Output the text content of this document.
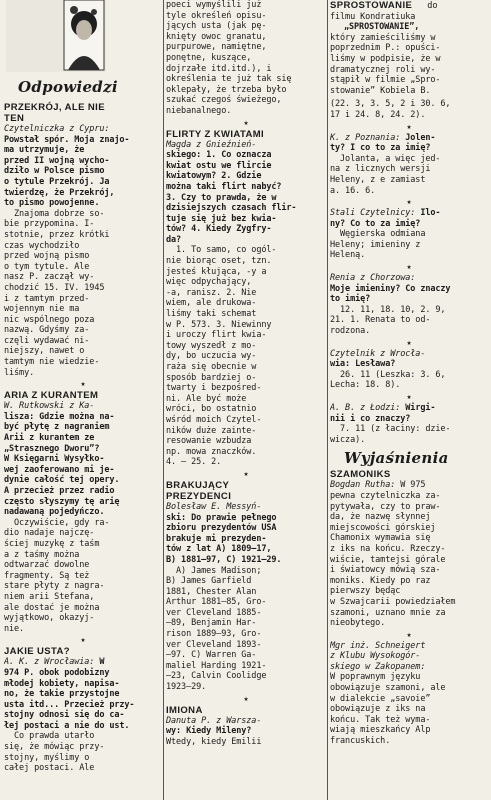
Odpowiedzi
PRZEKRÓJ, ALE NIE
TEN
Czytelniczka z Cypru:
Powstał spór. Moja znajo-
ma utrzymuje, że
przed II wojną wycho-
dziło w Polsce pismo
o tytule Przekrój. Ja
twierdzę, że Przekrój,
to pismo powojenne.
Znajoma dobrze so-
bie przypomina. I-
stotnie, przez krótki
czas wychodziło
przed wojną pismo
o tym tytule. Ale
nasz P. zaczął wy-
chodzić 15. IV. 1945
i z tamtym przed-
wojennym nie ma
nic wspólnego poza
nazwą. Gdyśmy za-
częli wydawać ni-
niejszy, nawet o
tamtym nie wiedzie-
liśmy.
★
ARIA Z KURANTEM
W. Rutkowski z Ka-
lisza: Gdzie można na-
być płytę z nagraniem
Arii z kurantem ze
„Strasznego Dworu”?
W Księgarni Wysyłko-
wej zaoferowano mi je-
dynie całość tej opery.
A przecież przez radio
często słyszymy tę arię
nadawaną pojedyńczo.
Oczywiście, gdy ra-
dio nadaje najczę-
ściej muzykę z taśm
a z taśmy można
odtwarzać dowolne
fragmenty. Są też
stare płyty z nagra-
niem arii Stefana,
ale dostać je można
wyjątkowo, okazyj-
nie.
★
JAKIE USTA?
A. K. z Wrocławia: W
974 P. obok podobizny
młodej kobiety, napisa-
no, że takie przystojne
usta itd... Przecież przy-
stojny odnosi się do ca-
łej postaci a nie do ust.
Co prawda utarło
się, że mówiąc przy-
stojny, myślimy o
całej postaci. Ale
poeci wymyślili już
tyle określeń opisu-
jących usta (jak pę-
knięty owoc granatu,
purpurowe, namiętne,
ponętne, kuszące,
dojrzałe itd.itd.), i
określenia te już tak się
oklepały, że trzeba było
szukać czegoś świeżego,
niebanalnego.
★
FLIRTY Z KWIATAMI
Magda z Gnieźnień-
skiego: 1. Co oznacza
kwiat ostu we flircie
kwiatowym? 2. Gdzie
można taki flirt nabyć?
3. Czy to prawda, że w
dzisiejszych czasach flir-
tuje się już bez kwia-
tów? 4. Kiedy Zygfry-
da?
1. To samo, co ogól-
nie biorąc oset, tzn.
jesteś kłująca, -y a
więc odpychający,
-a, ranisz. 2. Nie
wiem, ale drukowa-
liśmy taki schemat
w P. 573. 3. Niewinny
i uroczy flirt kwia-
towy wyszedł z mo-
dy, bo uczucia wy-
raża się obecnie w
sposób bardziej o-
twarty i bezpośred-
ni. Ale być może
wróci, bo ostatnio
wśród moich Czytel-
ników duże zainte-
resowanie wzbudza
np. mowa znaczków.
4. — 25. 2.
★
BRAKUJĄCY
PREZYDENCI
Bolesław E. Messyń-
ski: Do prawie pełnego
zbioru prezydentów USA
brakuje mi prezyden-
tów z lat A) 1809—17,
B) 1881—97, C) 1921—29.
A) James Madison;
B) James Garfield
1881, Chester Alan
Arthur 1881—85, Gro-
ver Cleveland 1885-
—89, Benjamin Har-
rison 1889—93, Gro-
ver Cleveland 1893-
—97. C) Warren Ga-
maliel Harding 1921-
—23, Calvin Coolidge
1923—29.
★
IMIONA
Danuta P. z Warsza-
wy: Kiedy Mileny?
Wtedy, kiedy Emilii
SPROSTOWANIE do
filmu Kondratiuka
„SPROSTOWANIE”,
który zamieściliśmy w
poprzednim P.: opuści-
liśmy w podpisie, że w
dramatycznej roli wy-
stąpił w filmie „Spro-
stowanie” Kobiela B.
(22. 3, 3. 5, 2 i 30. 6,
17 i 24. 8, 24. 2).
★
K. z Poznania: Jolen-
ty? I co to za imię?
Jolanta, a więc jed-
na z licznych wersji
Heleny, z e zamiast
a. 16. 6.
★
Stali Czytelnicy: Ilo-
ny? Co to za imię?
Węgierska odmiana
Heleny; imieniny z
Heleną.
★
Renia z Chorzowa:
Moje imieniny? Co znaczy
to imię?
12. 11, 18. 10, 2. 9,
21. 1. Renata to od-
rodzona.
★
Czytelnik z Wrocła-
wia: Lesława?
26. 11 (Leszka: 3. 6,
Lecha: 18. 8).
★
A. B. z Łodzi: Wirgi-
nii i co znaczy?
7. 11 (z łaciny: dzie-
wicza).
Wyjaśnienia
SZAMONIKS
Bogdan Rutha: W 975
pewna czytelniczka za-
pytywała, czy to praw-
da, że nazwę słynnej
miejscowości górskiej
Chamonix wymawia się
z iks na końcu. Rzeczy-
wiście, tamtejsi górale
i światowcy mówią sza-
moniks. Kiedy po raz
pierwszy będąc
w Szwajcarii powiedziałem
szamoni, uznano mnie za
nieobytego.
★
Mgr inż. Schneigert
z Klubu Wysokogór-
skiego w Zakopanem:
W poprawnym języku
obowiązuje szamoni, ale
w dialekcie „savoie”
obowiązuje z iks na
końcu. Tak też wyma-
wiają mieszkańcy Alp
francuskich.
